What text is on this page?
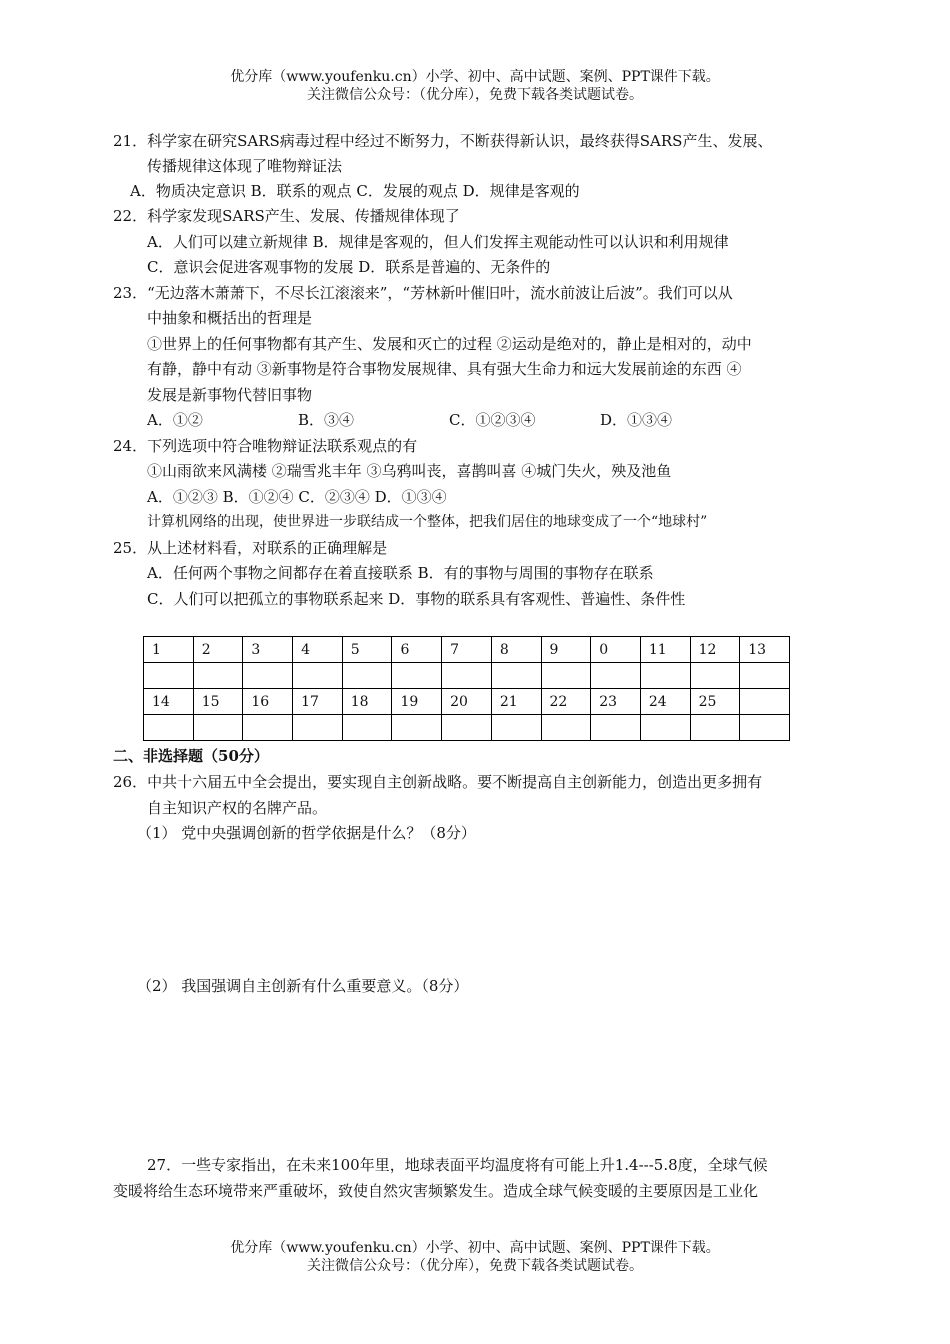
优分库（www.youfenku.cn）小学、初中、高中试题、案例、PPT课件下载。
关注微信公众号：（优分库），免费下载各类试题试卷。
21．科学家在研究SARS病毒过程中经过不断努力，不断获得新认识，最终获得SARS产生、发展、
传播规律这体现了唯物辩证法
A．物质决定意识 B．联系的观点 C．发展的观点 D．规律是客观的
22．科学家发现SARS产生、发展、传播规律体现了
A．人们可以建立新规律 B．规律是客观的，但人们发挥主观能动性可以认识和利用规律
C．意识会促进客观事物的发展 D．联系是普遍的、无条件的
23．“无边落木萧萧下，不尽长江滚滚来”，“芳林新叶催旧叶，流水前波让后波”。我们可以从
中抽象和概括出的哲理是
①世界上的任何事物都有其产生、发展和灭亡的过程 ②运动是绝对的，静止是相对的，动中
有静，静中有动 ③新事物是符合事物发展规律、具有强大生命力和远大发展前途的东西 ④
发展是新事物代替旧事物
A．①②	B．③④	C．①②③④	D．①③④
24．下列选项中符合唯物辩证法联系观点的有
①山雨欲来风满楼 ②瑞雪兆丰年 ③乌鸦叫丧，喜鹊叫喜 ④城门失火，殃及池鱼
A．①②③ B．①②④ C．②③④ D．①③④
计算机网络的出现，使世界进一步联结成一个整体，把我们居住的地球变成了一个“地球村”
25．从上述材料看，对联系的正确理解是
A．任何两个事物之间都存在着直接联系 B．有的事物与周围的事物存在联系
C．人们可以把孤立的事物联系起来 D．事物的联系具有客观性、普遍性、条件性
1	2	3	4	5	6	7	8	9	0	11	12	13

14	15	16	17	18	19	20	21	22	23	24	25	

二、非选择题（50分）
26．中共十六届五中全会提出，要实现自主创新战略。要不断提高自主创新能力，创造出更多拥有
自主知识产权的名牌产品。
（1） 党中央强调创新的哲学依据是什么？（8分）
（2） 我国强调自主创新有什么重要意义。（8分）
27．一些专家指出，在未来100年里，地球表面平均温度将有可能上升1.4---5.8度，全球气候
变暖将给生态环境带来严重破坏，致使自然灾害频繁发生。造成全球气候变暖的主要原因是工业化
优分库（www.youfenku.cn）小学、初中、高中试题、案例、PPT课件下载。
关注微信公众号：（优分库），免费下载各类试题试卷。
